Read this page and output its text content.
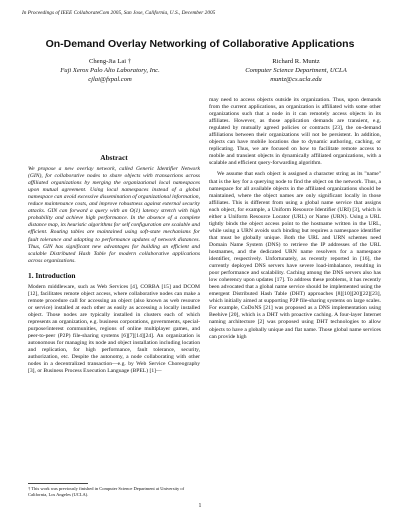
In Proceedings of IEEE CollaborateCom 2005, San Jose, California, U.S., December 2005
On-Demand Overlay Networking of Collaborative Applications
Cheng-Jia Lai †
Fuji Xerox Palo Alto Laboratory, Inc.
cjlai@fxpal.com
Richard R. Muntz
Computer Science Department, UCLA
muntz@cs.ucla.edu
Abstract

We propose a new overlay network, called Generic Identifier Network (GIN), for collaborative nodes to share objects with transactions across affiliated organizations by merging the organizational local namespaces upon mutual agreement. Using local namespaces instead of a global namespace can avoid excessive dissemination of organizational information, reduce maintenance costs, and improve robustness against external security attacks. GIN can forward a query with an O(1) latency stretch with high probability and achieve high performance. In the absence of a complete distance map, its heuristic algorithms for self configuration are scalable and efficient. Routing tables are maintained using soft-state mechanisms for fault tolerance and adapting to performance updates of network distances. Thus, GIN has significant new advantages for building an efficient and scalable Distributed Hash Table for modern collaborative applications across organizations.

1. Introduction

Modern middleware, such as Web Services [4], CORBA [15] and DCOM [12], facilitates remote object access, where collaborative nodes can make a remote procedure call for accessing an object (also known as web resource or service) installed at each other as easily as accessing a locally installed object. Those nodes are typically installed in clusters each of which represents an organization, e.g. business corporations, governments, special-purpose/interest communities, regions of online multiplayer games, and peer-to-peer (P2P) file-sharing systems [6][7][14][24]. An organization is autonomous for managing its node and object installation including location and replication, for high performance, fault tolerance, security, authorization, etc. Despite the autonomy, a node collaborating with other nodes in a decentralized transaction—e.g. by Web Service Choreography [3], or Business Process Execution Language (BPEL) [1]—

† This work was previously finished in Computer Science Department at University of California, Los Angeles (UCLA).

may need to access objects outside its organization. Thus, upon demands from the current applications, an organization is affiliated with some other organizations such that a node in it can remotely access objects in its affiliates. However, as those application demands are transient, e.g. regulated by mutually agreed policies or contracts [23], the on-demand affiliations between their organizations will not be persistent. In addition, objects can have mobile locations due to dynamic authoring, caching, or replicating. Thus, we are focused on how to facilitate remote access to mobile and transient objects in dynamically affiliated organizations, with a scalable and efficient query-forwarding algorithm.

We assume that each object is assigned a character string as its "name" that is the key for a querying node to find the object on the network. Thus, a namespace for all available objects in the affiliated organizations should be maintained, where the object names are only significant locally in those affiliates. This is different from using a global name service that assigns each object, for example, a Uniform Resource Identifier (URI) [3], which is either a Uniform Resource Locator (URL) or Name (URN). Using a URL tightly binds the object access point to the hostname written in the URL, while using a URN avoids such binding but requires a namespace identifier that must be globally unique. Both the URL and URN schemes need Domain Name System (DNS) to retrieve the IP addresses of the URL hostnames, and the dedicated URN name resolvers for a namespace identifier, respectively. Unfortunately, as recently reported in [16], the currently deployed DNS servers have severe load-imbalance, resulting in poor performance and scalability. Caching among the DNS servers also has low coherency upon updates [17]. To address these problems, it has recently been advocated that a global name service should be implemented using the emergent Distributed Hash Table (DHT) approaches [8][10][20][22][23], which initially aimed at supporting P2P file-sharing systems on large scales. For example, CoDoNS [21] was proposed as a DNS implementation using Beehive [20], which is a DHT with proactive caching. A four-layer Internet naming architecture [2] was proposed using DHT technologies to allow objects to have a globally unique and flat name. Those global name services can provide high

1
